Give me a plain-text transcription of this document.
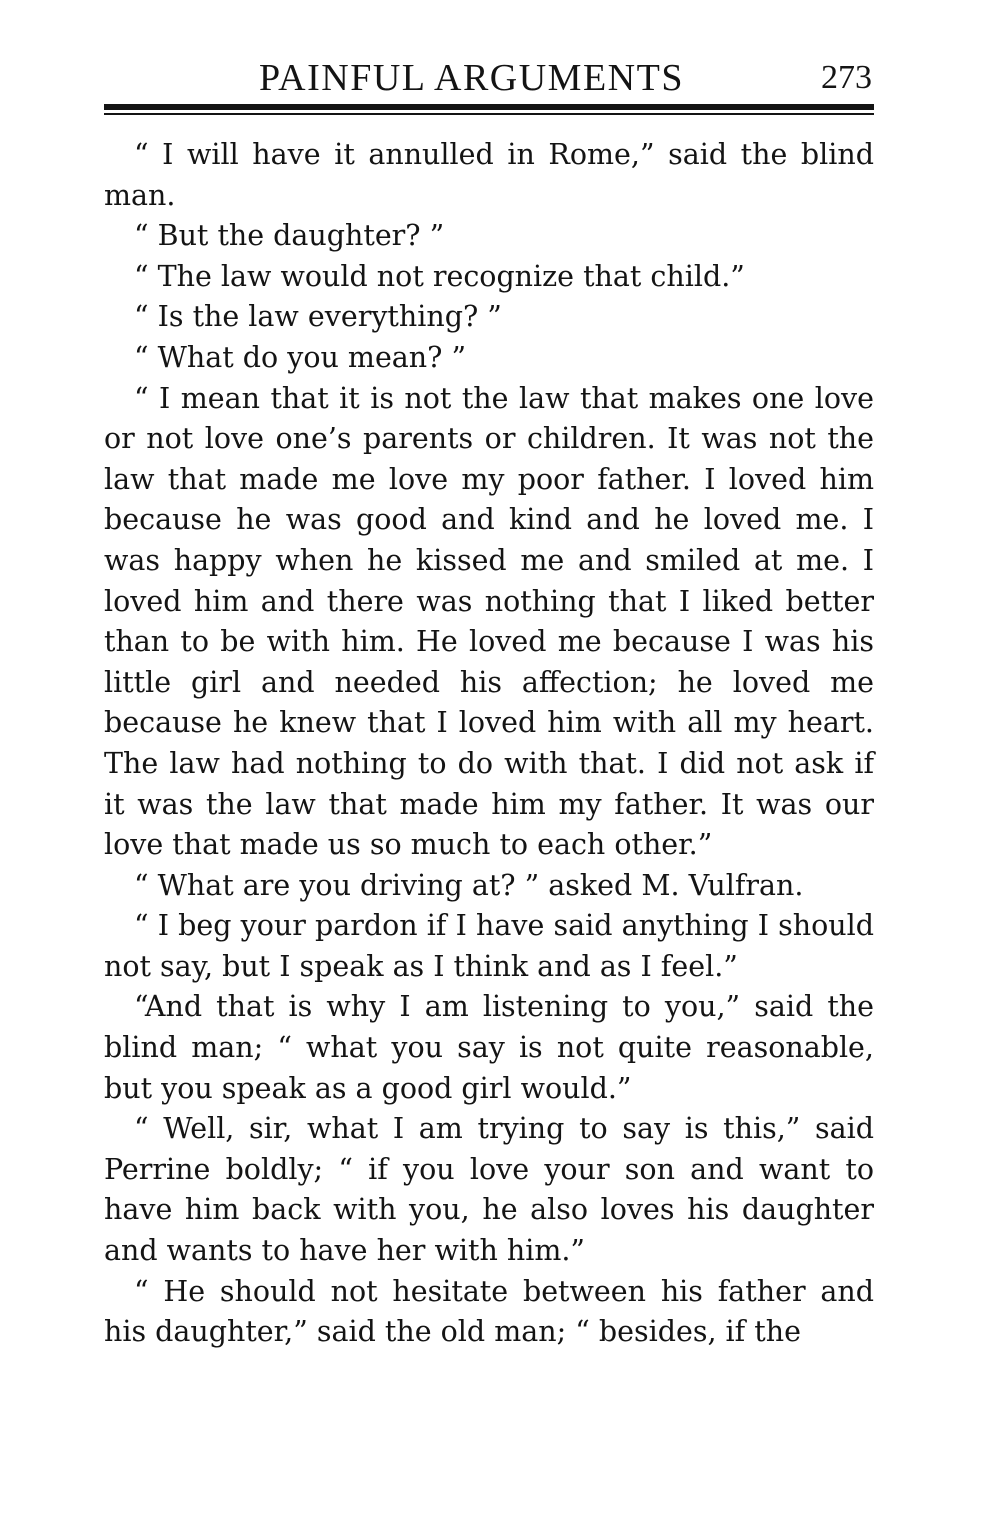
PAINFUL ARGUMENTS	273

“ I will have it annulled in Rome,” said the blind man.

“ But the daughter? ”

“ The law would not recognize that child.”

“ Is the law everything? ”

“ What do you mean? ”

“ I mean that it is not the law that makes one love or not love one’s parents or children. It was not the law that made me love my poor father. I loved him because he was good and kind and he loved me. I was happy when he kissed me and smiled at me. I loved him and there was nothing that I liked better than to be with him. He loved me because I was his little girl and needed his affection; he loved me because he knew that I loved him with all my heart. The law had nothing to do with that. I did not ask if it was the law that made him my father. It was our love that made us so much to each other.”

“ What are you driving at? ” asked M. Vulfran.

“ I beg your pardon if I have said anything I should not say, but I speak as I think and as I feel.”

“And that is why I am listening to you,” said the blind man; “ what you say is not quite reasonable, but you speak as a good girl would.”

“ Well, sir, what I am trying to say is this,” said Perrine boldly; “ if you love your son and want to have him back with you, he also loves his daughter and wants to have her with him.”

“ He should not hesitate between his father and his daughter,” said the old man; “ besides, if the
